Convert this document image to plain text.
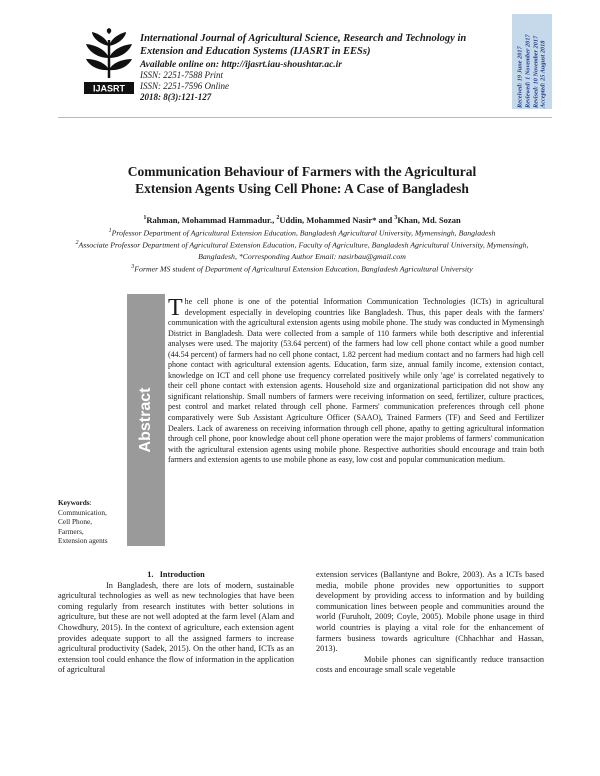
IJASRT
International Journal of Agricultural Science, Research and Technology in Extension and Education Systems (IJASRT in EESs)
Available online on: http://ijasrt.iau-shoushtar.ac.ir
ISSN: 2251-7588 Print
ISSN: 2251-7596 Online
2018: 8(3):121-127	Received: 19 June 2017 Reviewed: 1 November 2017 Revised: 10 November 2017 Accepted: 25 August 2018
Communication Behaviour of Farmers with the Agricultural
Extension Agents Using Cell Phone: A Case of Bangladesh
$^1$Rahman, Mohammad Hammadur., $^2$Uddin, Mohammed Nasir* and $^3$Khan, Md. Sozan
$^1$Professor Department of Agricultural Extension Education, Bangladesh Agricultural University, Mymensingh, Bangladesh
$^2$Associate Professor Department of Agricultural Extension Education, Faculty of Agriculture, Bangladesh Agricultural University, Mymensingh, Bangladesh, *Corresponding Author Email: nasirbau@gmail.com
$^3$Former MS student of Department of Agricultural Extension Education, Bangladesh Agricultural University
Abstract
The cell phone is one of the potential Information Communication Technologies (ICTs) in agricultural development especially in developing countries like Bangladesh. Thus, this paper deals with the farmers' communication with the agricultural extension agents using mobile phone. The study was conducted in Mymensingh District in Bangladesh. Data were collected from a sample of 110 farmers while both descriptive and inferential analyses were used. The majority (53.64 percent) of the farmers had low cell phone contact while a good number (44.54 percent) of farmers had no cell phone contact, 1.82 percent had medium contact and no farmers had high cell phone contact with agricultural extension agents. Education, farm size, annual family income, extension contact, knowledge on ICT and cell phone use frequency correlated positively while only 'age' is correlated negatively to their cell phone contact with extension agents. Household size and organizational participation did not show any significant relationship. Small numbers of farmers were receiving information on seed, fertilizer, culture practices, pest control and market related through cell phone. Farmers' communication preferences through cell phone comparatively were Sub Assistant Agriculture Officer (SAAO), Trained Farmers (TF) and Seed and Fertilizer Dealers. Lack of awareness on receiving information through cell phone, apathy to getting agricultural information through cell phone, poor knowledge about cell phone operation were the major problems of farmers' communication with the agricultural extension agents using mobile phone. Respective authorities should encourage and train both farmers and extension agents to use mobile phone as easy, low cost and popular communication medium.
Keywords:
Communication,
Cell Phone,
Farmers,
Extension agents
1.   Introduction

In Bangladesh, there are lots of modern, sustainable agricultural technologies as well as new technologies that have been coming regularly from research institutes with better solutions in agriculture, but these are not well adopted at the farm level (Alam and Chowdhury, 2015). In the context of agriculture, each extension agent provides adequate support to all the assigned farmers to increase agricultural productivity (Sadek, 2015). On the other hand, ICTs as an extension tool could enhance the flow of information in the application of agricultural

extension services (Ballantyne and Bokre, 2003). As a ICTs based media, mobile phone provides new opportunities to support development by providing access to information and by building communication lines between people and communities around the world (Furuholt, 2009; Coyle, 2005). Mobile phone usage in third world countries is playing a vital role for the enhancement of farmers business towards agriculture (Chhachhar and Hassan, 2013).

Mobile phones can significantly reduce transaction costs and encourage small scale vegetable
